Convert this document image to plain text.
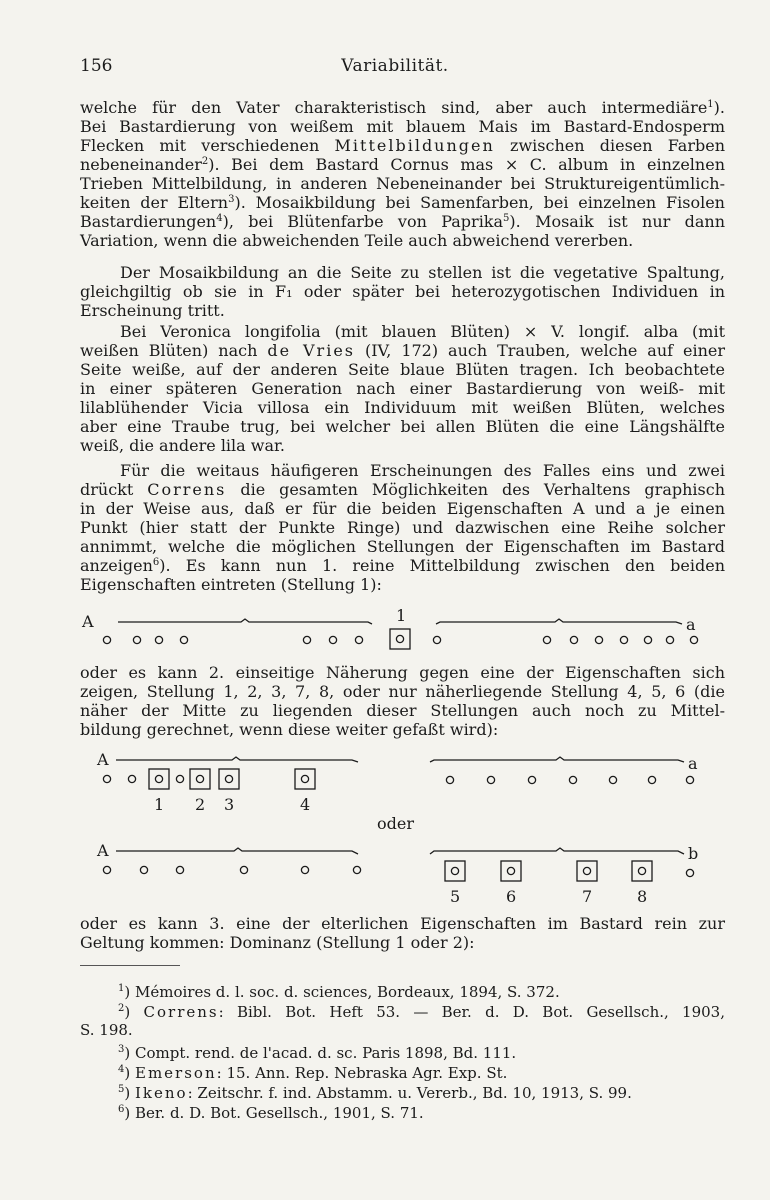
156	Variabilität.
welche für den Vater charakteristisch sind, aber auch intermediäre$^1$).
Bei Bastardierung von weißem mit blauem Mais im Bastard-Endosperm
Flecken mit verschiedenen Mittelbildungen zwischen diesen Farben
nebeneinander$^2$). Bei dem Bastard Cornus mas × C. album in einzelnen
Trieben Mittelbildung, in anderen Nebeneinander bei Struktureigentümlich-
keiten der Eltern$^3$). Mosaikbildung bei Samenfarben, bei einzelnen Fisolen
Bastardierungen$^4$), bei Blütenfarbe von Paprika$^5$). Mosaik ist nur dann
Variation, wenn die abweichenden Teile auch abweichend vererben.
Der Mosaikbildung an die Seite zu stellen ist die vegetative Spaltung,
gleichgiltig ob sie in F₁ oder später bei heterozygotischen Individuen in
Erscheinung tritt.
Bei Veronica longifolia (mit blauen Blüten) × V. longif. alba (mit
weißen Blüten) nach de Vries (IV, 172) auch Trauben, welche auf einer
Seite weiße, auf der anderen Seite blaue Blüten tragen. Ich beobachtete
in einer späteren Generation nach einer Bastardierung von weiß- mit
lilablühender Vicia villosa ein Individuum mit weißen Blüten, welches
aber eine Traube trug, bei welcher bei allen Blüten die eine Längshälfte
weiß, die andere lila war.
Für die weitaus häufigeren Erscheinungen des Falles eins und zwei
drückt Correns die gesamten Möglichkeiten des Verhaltens graphisch
in der Weise aus, daß er für die beiden Eigenschaften A und a je einen
Punkt (hier statt der Punkte Ringe) und dazwischen eine Reihe solcher
annimmt, welche die möglichen Stellungen der Eigenschaften im Bastard
anzeigen$^6$). Es kann nun 1. reine Mittelbildung zwischen den beiden
Eigenschaften eintreten (Stellung 1):
oder es kann 2. einseitige Näherung gegen eine der Eigenschaften sich
zeigen, Stellung 1, 2, 3, 7, 8, oder nur näherliegende Stellung 4, 5, 6 (die
näher der Mitte zu liegenden dieser Stellungen auch noch zu Mittel-
bildung gerechnet, wenn diese weiter gefaßt wird):
oder es kann 3. eine der elterlichen Eigenschaften im Bastard rein zur
Geltung kommen: Dominanz (Stellung 1 oder 2):
A	1	a
A	a
1 2 3	4
oder
A	b
5	6	7	8
$^1$) Mémoires d. l. soc. d. sciences, Bordeaux, 1894, S. 372.
$^2$) Correns: Bibl. Bot. Heft 53. — Ber. d. D. Bot. Gesellsch., 1903,
S. 198.
$^3$) Compt. rend. de l'acad. d. sc. Paris 1898, Bd. 111.
$^4$) Emerson: 15. Ann. Rep. Nebraska Agr. Exp. St.
$^5$) Ikeno: Zeitschr. f. ind. Abstamm. u. Vererb., Bd. 10, 1913, S. 99.
$^6$) Ber. d. D. Bot. Gesellsch., 1901, S. 71.
